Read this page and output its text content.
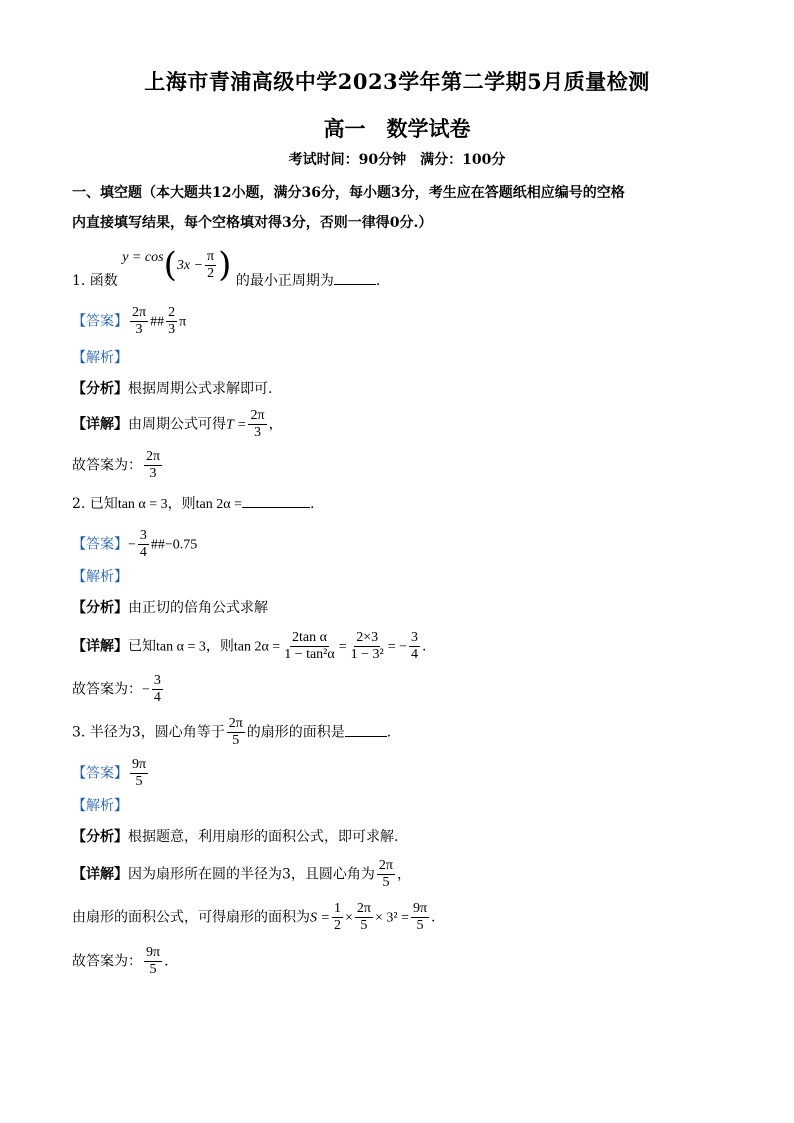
上海市青浦高级中学2023学年第二学期5月质量检测
高一　数学试卷
考试时间：90分钟　满分：100分
一、填空题（本大题共12小题，满分36分，每小题3分，考生应在答题纸相应编号的空格
内直接填写结果，每个空格填对得3分，否则一律得0分.）
1. 函数 $y = \cos(3x - \frac{\pi}{2}$ ) 的最小正周期为	.
【答案】 $\frac{2\pi}{3}$ ## $\frac{2}{3}$ π
【解析】
【分析】根据周期公式求解即可.
【详解】由周期公式可得$T = \frac{2\pi}{3}$ ，
故答案为： $\frac{2\pi}{3}$
2. 已知tan α = 3，则tan 2α =	.
【答案】− $\frac{3}{4}$ ##−0.75
【解析】
【分析】由正切的倍角公式求解
【详解】已知tan α = 3，则$\tan 2\alpha = \frac{\text{2tan α}}{\text{1 − tan²α}} = \frac{2\times 3}{\text{1 − 3²}}$ = − $\frac{3}{4}$ .
故答案为：− $\frac{3}{4}$
3. 半径为3，圆心角等于 $\frac{2\pi}{5}$ 的扇形的面积是	.
【答案】 $\frac{9\pi}{5}$
【解析】
【分析】根据题意，利用扇形的面积公式，即可求解.
【详解】因为扇形所在圆的半径为3，且圆心角为 $\frac{2\pi}{5}$ ，
由扇形的面积公式，可得扇形的面积为$S = \frac{1}{2} \times \frac{2\pi}{5} \times 3^2 = \frac{9\pi}{5}$ .
故答案为： $\frac{9\pi}{5}$ .
